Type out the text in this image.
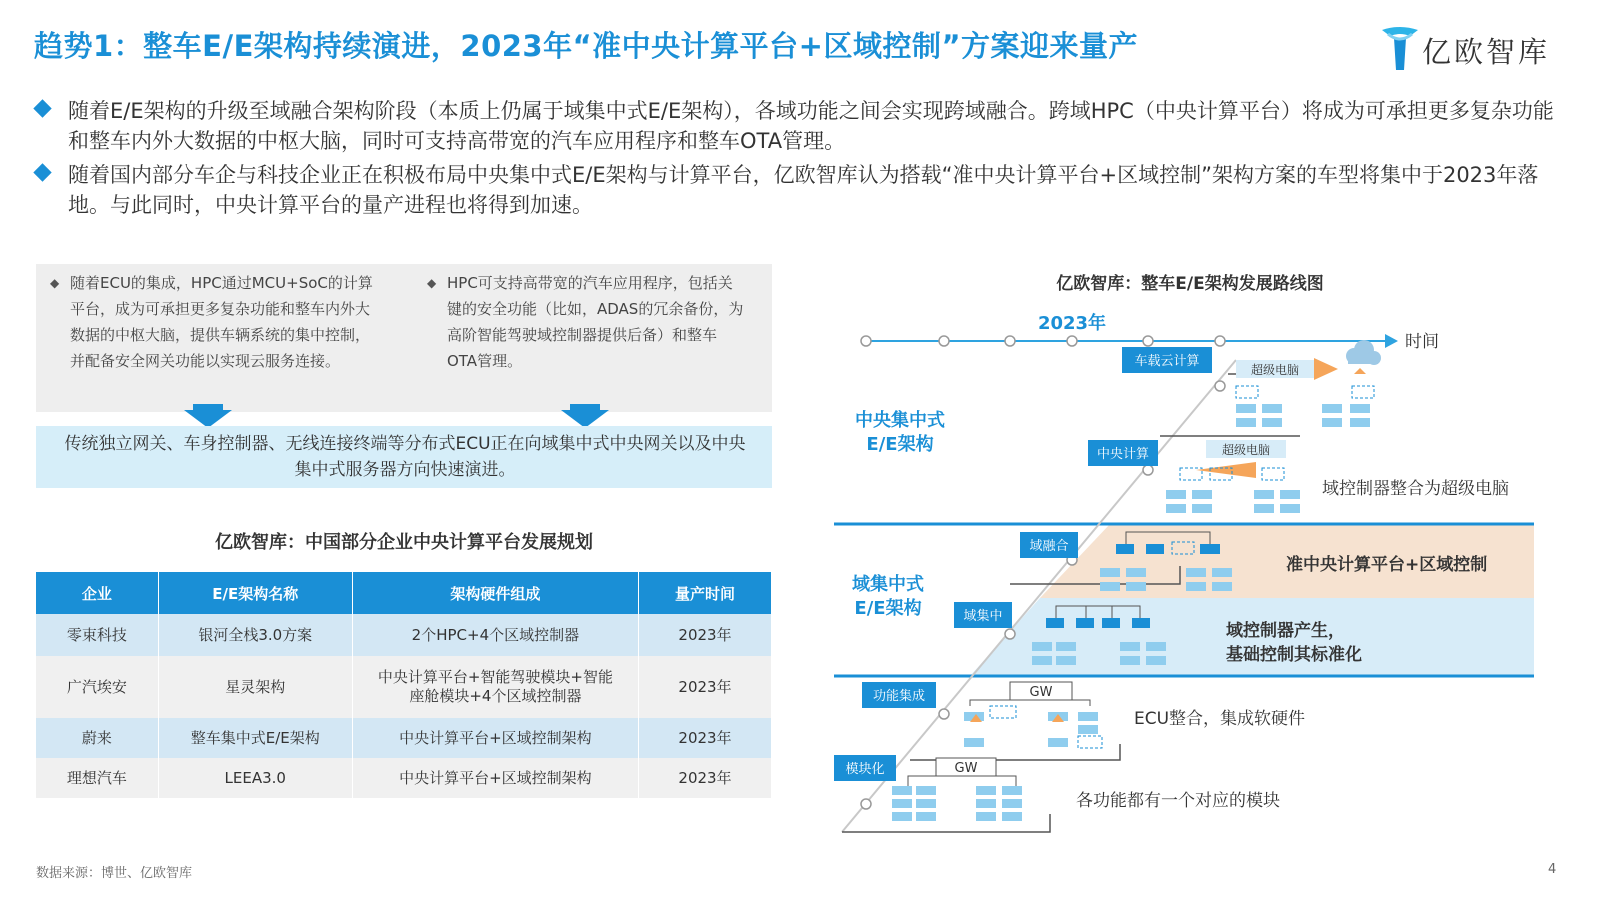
趋势1：整车E/E架构持续演进，2023年“准中央计算平台+区域控制”方案迎来量产	亿欧智库
随着E/E架构的升级至域融合架构阶段（本质上仍属于域集中式E/E架构），各域功能之间会实现跨域融合。跨域HPC（中央计算平台）将成为可承担更多复杂功能和整车内外大数据的中枢大脑，同时可支持高带宽的汽车应用程序和整车OTA管理。
随着国内部分车企与科技企业正在积极布局中央集中式E/E架构与计算平台，亿欧智库认为搭载“准中央计算平台+区域控制”架构方案的车型将集中于2023年落地。与此同时，中央计算平台的量产进程也将得到加速。
◆ 随着ECU的集成，HPC通过MCU+SoC的计算平台，成为可承担更多复杂功能和整车内外大数据的中枢大脑，提供车辆系统的集中控制，并配备安全网关功能以实现云服务连接。
◆ HPC可支持高带宽的汽车应用程序，包括关键的安全功能（比如，ADAS的冗余备份，为高阶智能驾驶域控制器提供后备）和整车OTA管理。
传统独立网关、车身控制器、无线连接终端等分布式ECU正在向域集中式中央网关以及中央集中式服务器方向快速演进。
亿欧智库：中国部分企业中央计算平台发展规划
企业	E/E架构名称	架构硬件组成	量产时间
零束科技	银河全栈3.0方案	2个HPC+4个区域控制器	2023年
广汽埃安	星灵架构	中央计算平台+智能驾驶模块+智能座舱模块+4个区域控制器	2023年
蔚来	整车集中式E/E架构	中央计算平台+区域控制架构	2023年
理想汽车	LEEA3.0	中央计算平台+区域控制架构	2023年
亿欧智库：整车E/E架构发展路线图
2023年
时间
中央集中式
E/E架构
域集中式
E/E架构
车载云计算
中央计算
域融合
域集中
功能集成
模块化	GW
GW
超级电脑
超级电脑
域控制器整合为超级电脑
准中央计算平台+区域控制
域控制器产生，
基础控制其标准化
ECU整合，集成软硬件
各功能都有一个对应的模块
数据来源：博世、亿欧智库	4
